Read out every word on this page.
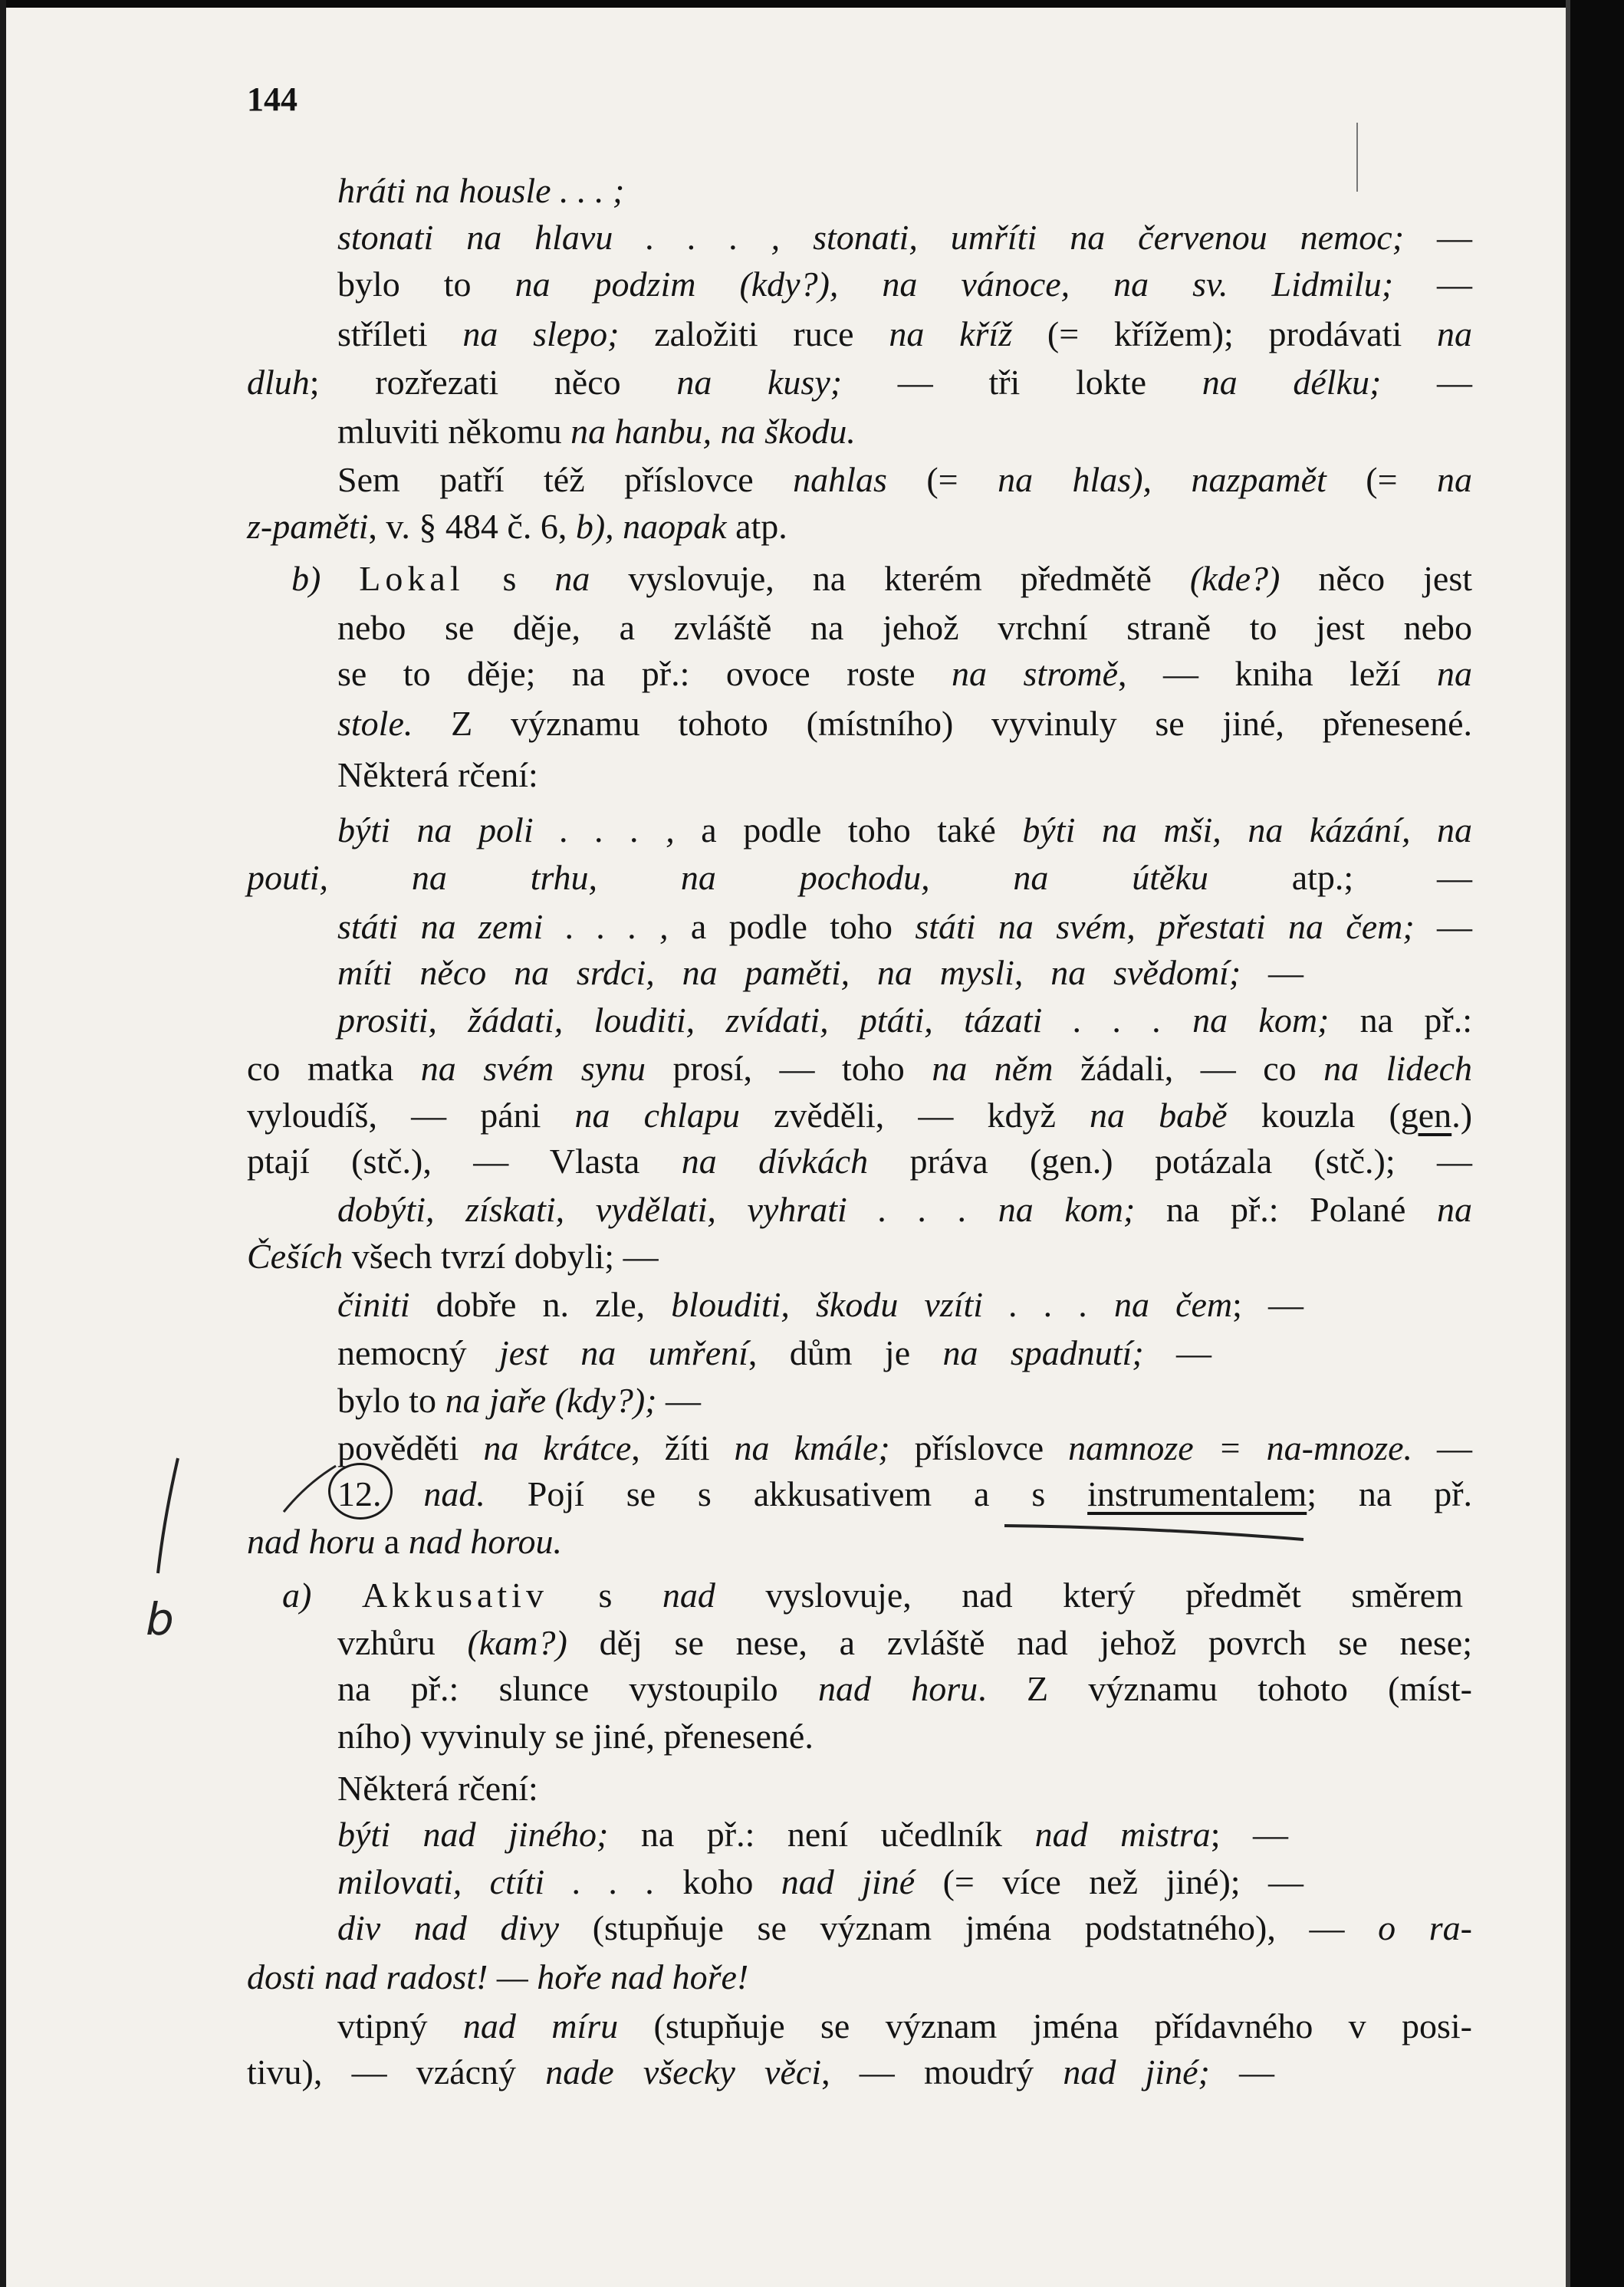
144
hráti na housle . . . ;
stonati na hlavu . . . , stonati, umříti na červenou nemoc; —
bylo to na podzim (kdy?), na vánoce, na sv. Lidmilu; —
stříleti na slepo; založiti ruce na kříž (= křížem); prodávati na
dluh; rozřezati něco na kusy; — tři lokte na délku; —
mluviti někomu na hanbu, na škodu.
Sem patří též příslovce nahlas (= na hlas), nazpamět (= na
z-paměti, v. § 484 č. 6, b), naopak atp.
b) Lokal s na vyslovuje, na kterém předmětě (kde?) něco jest
nebo se děje, a zvláště na jehož vrchní straně to jest nebo
se to děje; na př.: ovoce roste na stromě, — kniha leží na
stole. Z významu tohoto (místního) vyvinuly se jiné, přenesené.
Některá rčení:
býti na poli . . . , a podle toho také býti na mši, na kázání, na
pouti, na trhu, na pochodu, na útěku atp.; —
státi na zemi . . . , a podle toho státi na svém, přestati na čem; —
míti něco na srdci, na paměti, na mysli, na svědomí; —
prositi, žádati, louditi, zvídati, ptáti, tázati . . . na kom; na př.:
co matka na svém synu prosí, — toho na něm žádali, — co na lidech
vyloudíš, — páni na chlapu zvěděli, — když na babě kouzla (gen.)
ptají (stč.), — Vlasta na dívkách práva (gen.) potázala (stč.); —
dobýti, získati, vydělati, vyhrati . . . na kom; na př.: Polané na
Češích všech tvrzí dobyli; —
činiti dobře n. zle, blouditi, škodu vzíti . . . na čem; —
nemocný jest na umření, dům je na spadnutí; —
bylo to na jaře (kdy?); —
pověděti na krátce, žíti na kmále; příslovce namnoze = na-mnoze. —
12. nad. Pojí se s akkusativem a s instrumentalem; na př.
nad horu a nad horou.
a) Akkusativ s nad vyslovuje, nad který předmět směrem
vzhůru (kam?) děj se nese, a zvláště nad jehož povrch se nese;
na př.: slunce vystoupilo nad horu. Z významu tohoto (míst-
ního) vyvinuly se jiné, přenesené.
Některá rčení:
býti nad jiného; na př.: není učedlník nad mistra; —
milovati, ctíti . . . koho nad jiné (= více než jiné); —
div nad divy (stupňuje se význam jména podstatného), — o ra-
dosti nad radost! — hoře nad hoře!
vtipný nad míru (stupňuje se význam jména přídavného v posi-
tivu), — vzácný nade všecky věci, — moudrý nad jiné; —
b
